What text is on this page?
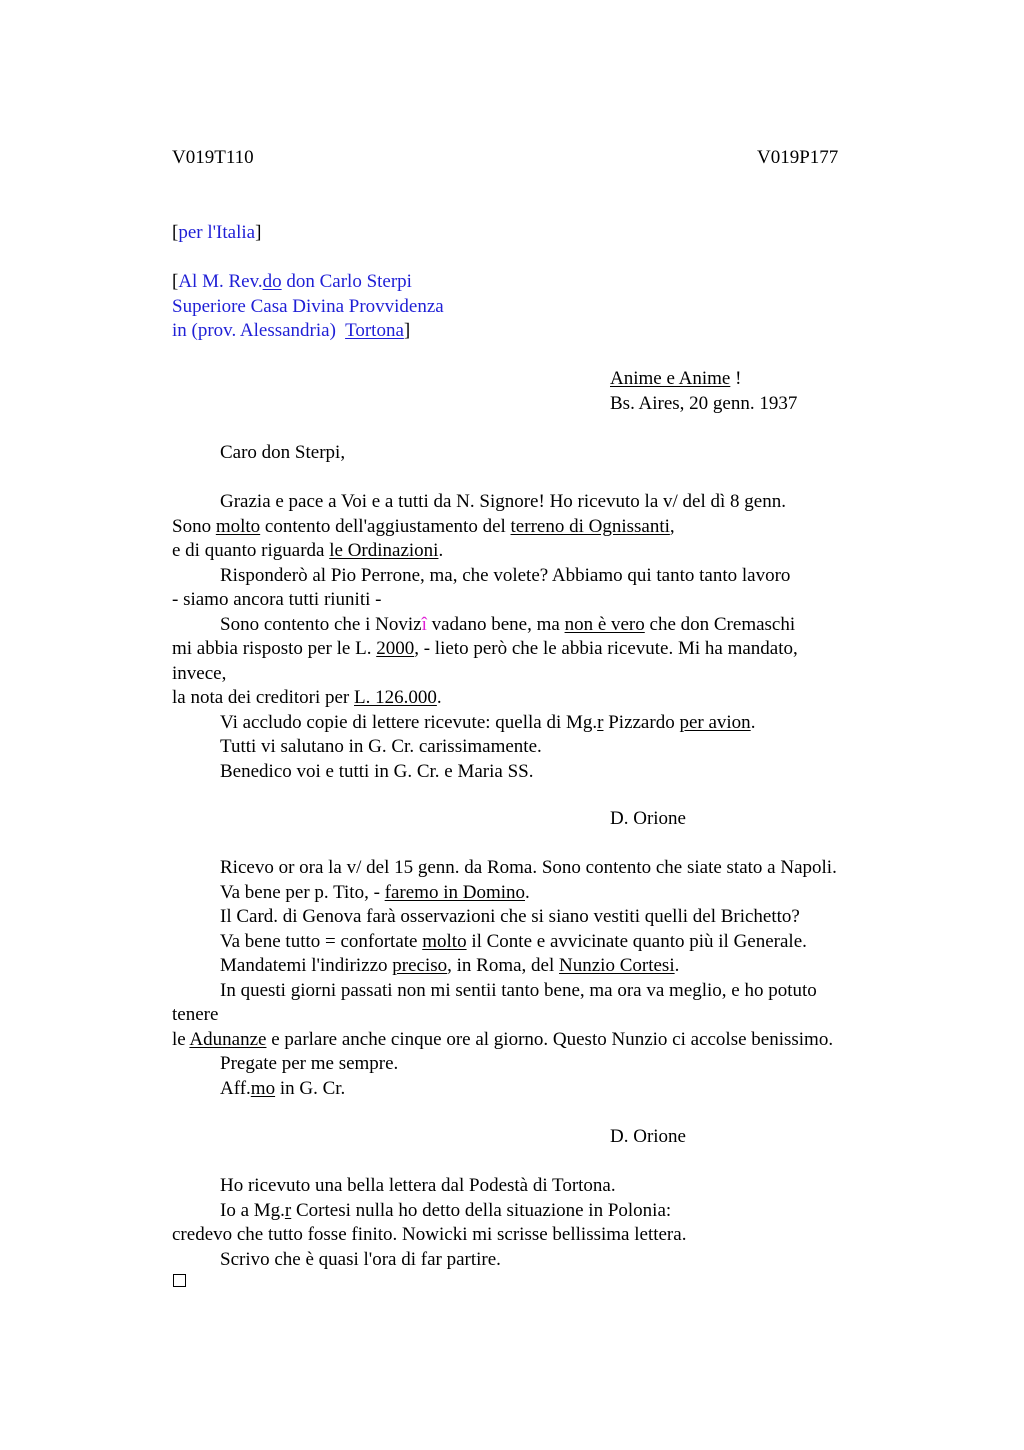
V019T110	V019P177
[per l'Italia]
[Al M. Rev.do don Carlo Sterpi
Superiore Casa Divina Provvidenza
in (prov. Alessandria)  Tortona]
Anime e Anime !
Bs. Aires, 20 genn. 1937
Caro don Sterpi,
Grazia e pace a Voi e a tutti da N. Signore! Ho ricevuto la v/ del dì 8 genn.
Sono molto contento dell'aggiustamento del terreno di Ognissanti,
e di quanto riguarda le Ordinazioni.
Risponderò al Pio Perrone, ma, che volete? Abbiamo qui tanto tanto lavoro
- siamo ancora tutti riuniti -
Sono contento che i Novizî vadano bene, ma non è vero che don Cremaschi
mi abbia risposto per le L. 2000, - lieto però che le abbia ricevute. Mi ha mandato,
invece,
la nota dei creditori per L. 126.000.
Vi accludo copie di lettere ricevute: quella di Mg.r Pizzardo per avion.
Tutti vi salutano in G. Cr. carissimamente.
Benedico voi e tutti in G. Cr. e Maria SS.
D. Orione
Ricevo or ora la v/ del 15 genn. da Roma. Sono contento che siate stato a Napoli.
Va bene per p. Tito, - faremo in Domino.
Il Card. di Genova farà osservazioni che si siano vestiti quelli del Brichetto?
Va bene tutto = confortate molto il Conte e avvicinate quanto più il Generale.
Mandatemi l'indirizzo preciso, in Roma, del Nunzio Cortesi.
In questi giorni passati non mi sentii tanto bene, ma ora va meglio, e ho potuto
tenere
le Adunanze e parlare anche cinque ore al giorno. Questo Nunzio ci accolse benissimo.
Pregate per me sempre.
Aff.mo in G. Cr.
D. Orione
Ho ricevuto una bella lettera dal Podestà di Tortona.
Io a Mg.r Cortesi nulla ho detto della situazione in Polonia:
credevo che tutto fosse finito. Nowicki mi scrisse bellissima lettera.
Scrivo che è quasi l'ora di far partire.
